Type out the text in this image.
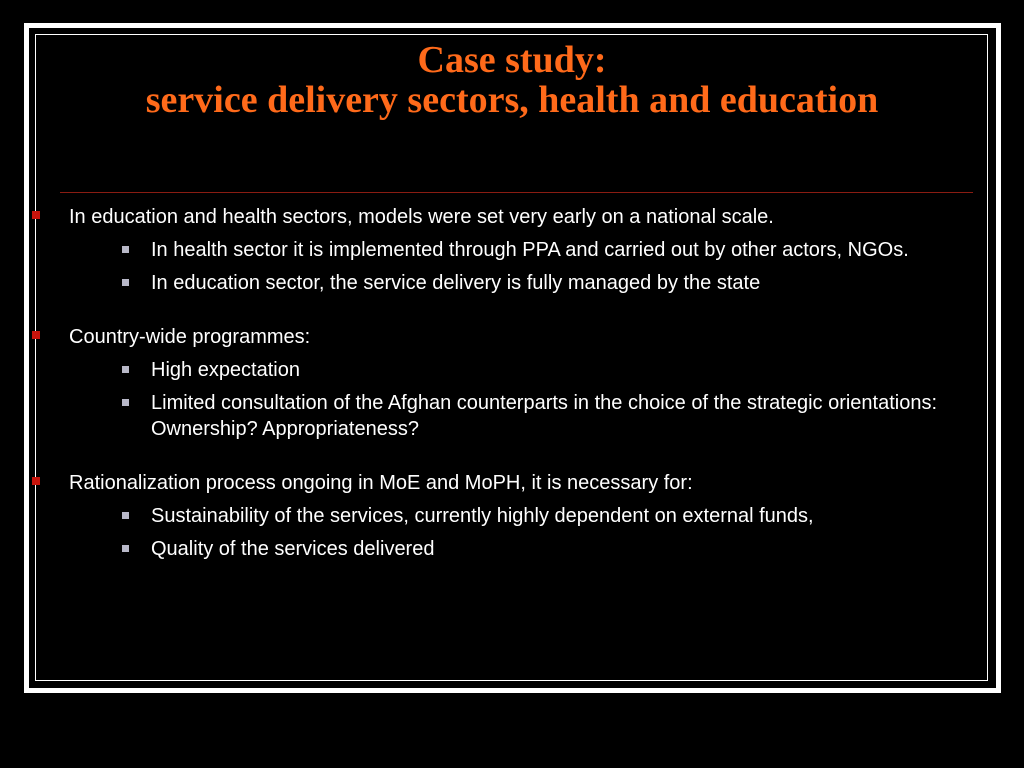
Case study:
service delivery sectors, health and education
In education and health sectors, models were set very early on a national scale.
In health sector it is implemented through PPA and carried out by other actors, NGOs.
In education sector, the service delivery is fully managed by the state
Country-wide programmes:
High expectation
Limited consultation of the Afghan counterparts in the choice of the strategic orientations: Ownership? Appropriateness?
Rationalization process ongoing in MoE and MoPH, it is necessary for:
Sustainability of the services, currently highly dependent on external funds,
Quality of the services delivered
